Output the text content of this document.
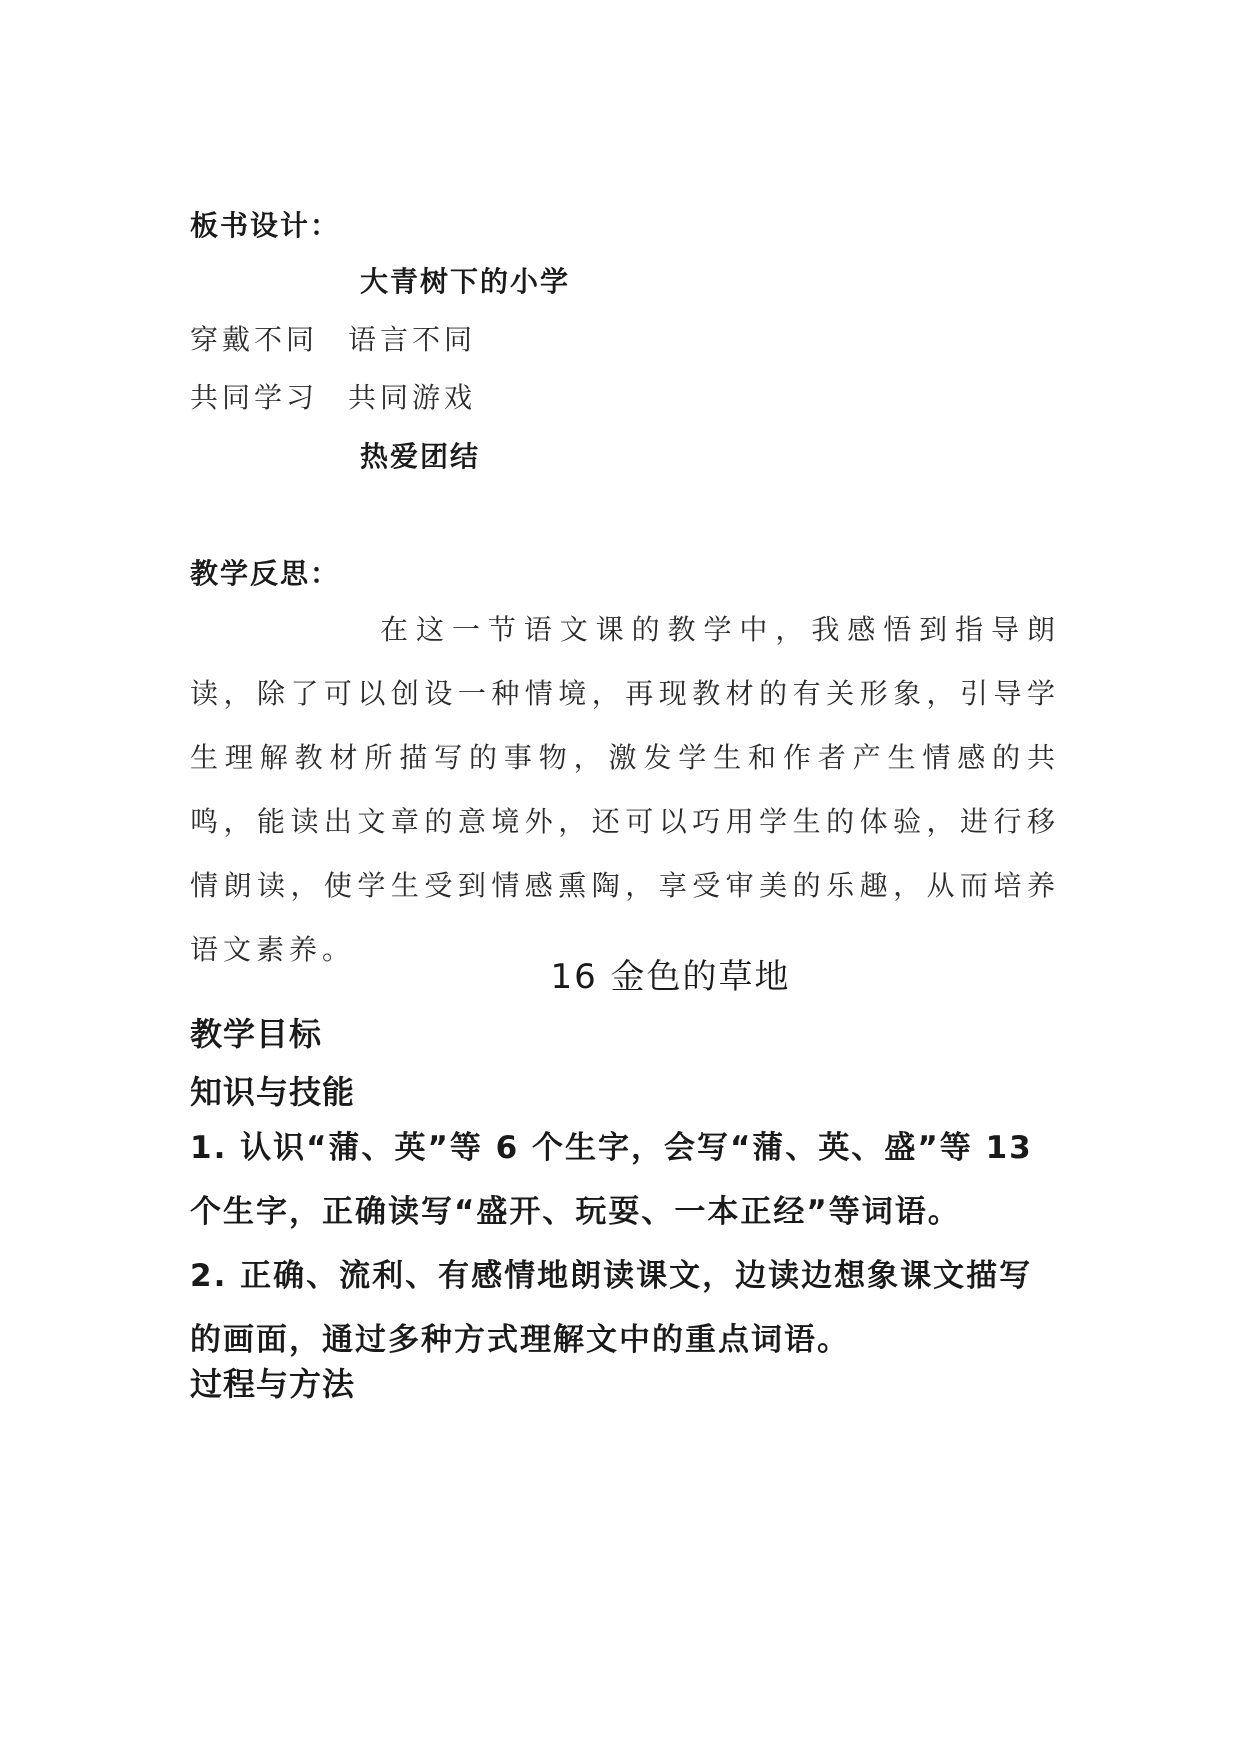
板书设计：
大青树下的小学
穿戴不同 语言不同
共同学习 共同游戏
热爱团结
教学反思：
在这一节语文课的教学中，我感悟到指导朗读，除了可以创设一种情境，再现教材的有关形象，引导学生理解教材所描写的事物，激发学生和作者产生情感的共鸣，能读出文章的意境外，还可以巧用学生的体验，进行移情朗读，使学生受到情感熏陶，享受审美的乐趣，从而培养语文素养。
16 金色的草地
教学目标
知识与技能
1. 认识“蒲、英”等 6 个生字，会写“蒲、英、盛”等 13 个生字，正确读写“盛开、玩耍、一本正经”等词语。
2. 正确、流利、有感情地朗读课文，边读边想象课文描写的画面，通过多种方式理解文中的重点词语。
过程与方法
